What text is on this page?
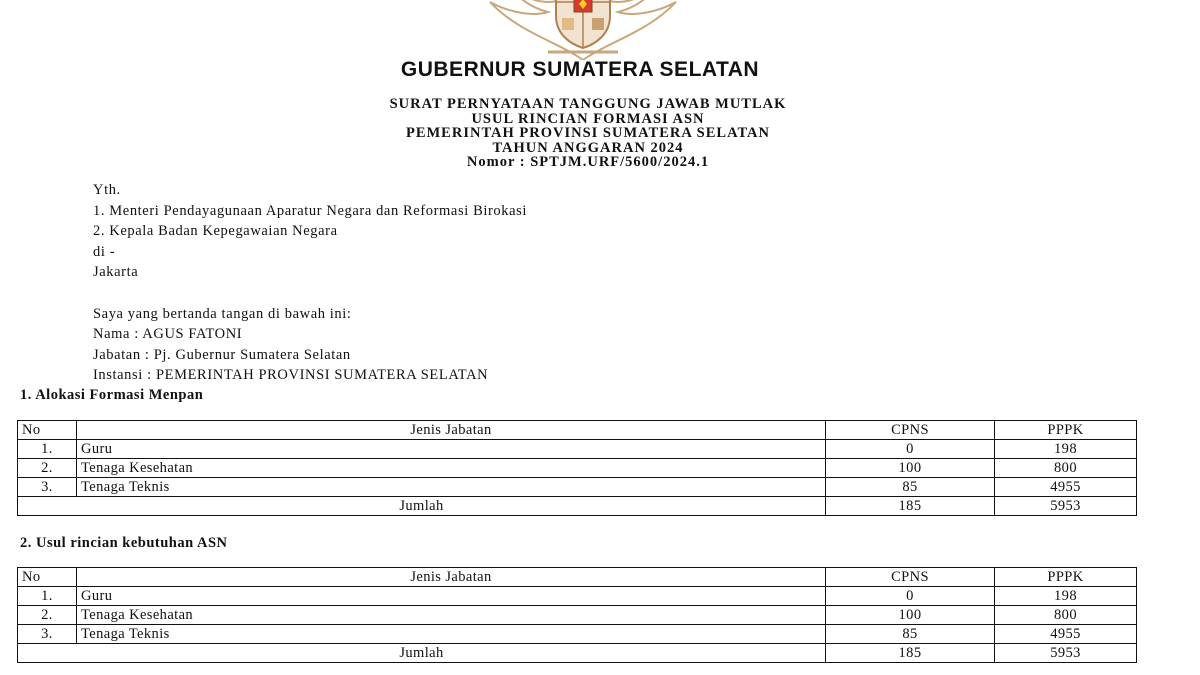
GUBERNUR SUMATERA SELATAN
SURAT PERNYATAAN TANGGUNG JAWAB MUTLAK
USUL RINCIAN FORMASI ASN
PEMERINTAH PROVINSI SUMATERA SELATAN
TAHUN ANGGARAN 2024
Nomor : SPTJM.URF/5600/2024.1
Yth.
1. Menteri Pendayagunaan Aparatur Negara dan Reformasi Birokasi
2. Kepala Badan Kepegawaian Negara
di -
Jakarta
Saya yang bertanda tangan di bawah ini:
Nama : AGUS FATONI
Jabatan : Pj. Gubernur Sumatera Selatan
Instansi : PEMERINTAH PROVINSI SUMATERA SELATAN
1. Alokasi Formasi Menpan
No	Jenis Jabatan	CPNS	PPPK
1.	Guru	0	198
2.	Tenaga Kesehatan	100	800
3.	Tenaga Teknis	85	4955
Jumlah		185	5953
2. Usul rincian kebutuhan ASN
No	Jenis Jabatan	CPNS	PPPK
1.	Guru	0	198
2.	Tenaga Kesehatan	100	800
3.	Tenaga Teknis	85	4955
Jumlah		185	5953
